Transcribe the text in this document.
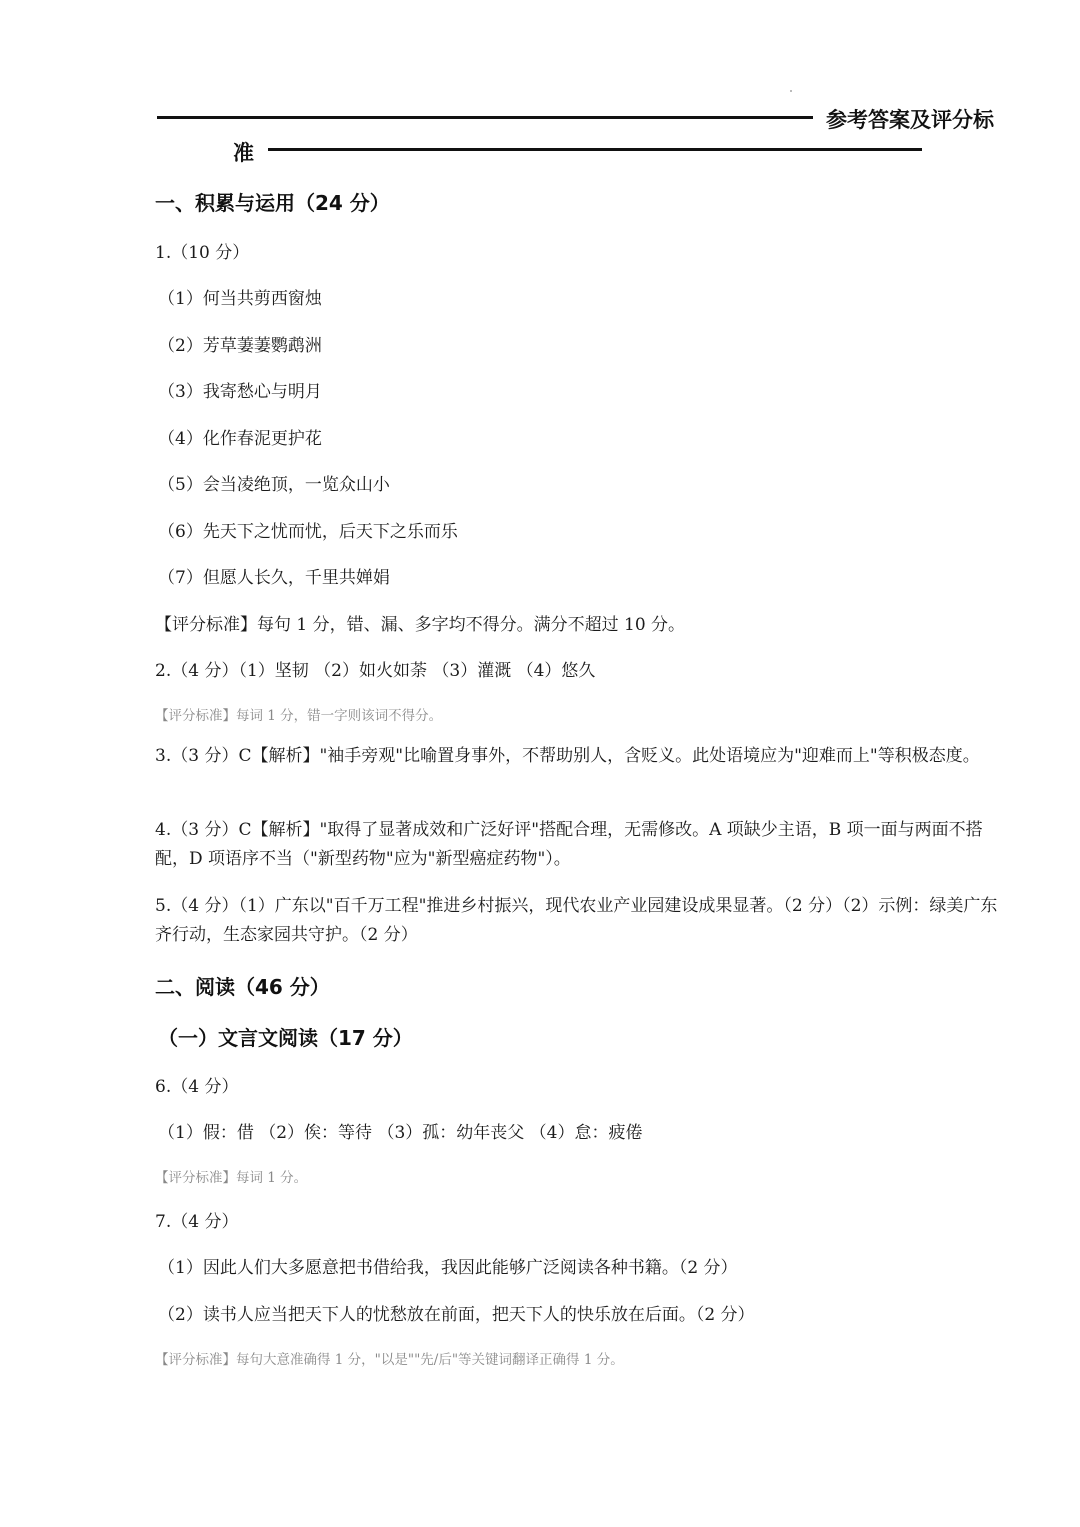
参考答案及评分标
准
一、积累与运用（24 分）
1.（10 分）
（1）何当共剪西窗烛
（2）芳草萋萋鹦鹉洲
（3）我寄愁心与明月
（4）化作春泥更护花
（5）会当凌绝顶，一览众山小
（6）先天下之忧而忧，后天下之乐而乐
（7）但愿人长久，千里共婵娟
【评分标准】每句 1 分，错、漏、多字均不得分。满分不超过 10 分。
2.（4 分）（1）坚韧 （2）如火如荼 （3）灌溉 （4）悠久
【评分标准】每词 1 分，错一字则该词不得分。
3.（3 分）C【解析】"袖手旁观"比喻置身事外，不帮助别人，含贬义。此处语境应为"迎难而上"等积极态度。
4.（3 分）C【解析】"取得了显著成效和广泛好评"搭配合理，无需修改。A 项缺少主语，B 项一面与两面不搭配，D 项语序不当（"新型药物"应为"新型癌症药物"）。
5.（4 分）（1）广东以"百千万工程"推进乡村振兴，现代农业产业园建设成果显著。（2 分）（2）示例：绿美广东齐行动，生态家园共守护。（2 分）
二、阅读（46 分）
（一）文言文阅读（17 分）
6.（4 分）
（1）假：借 （2）俟：等待 （3）孤：幼年丧父 （4）怠：疲倦
【评分标准】每词 1 分。
7.（4 分）
（1）因此人们大多愿意把书借给我，我因此能够广泛阅读各种书籍。（2 分）
（2）读书人应当把天下人的忧愁放在前面，把天下人的快乐放在后面。（2 分）
【评分标准】每句大意准确得 1 分，"以是""先/后"等关键词翻译正确得 1 分。
